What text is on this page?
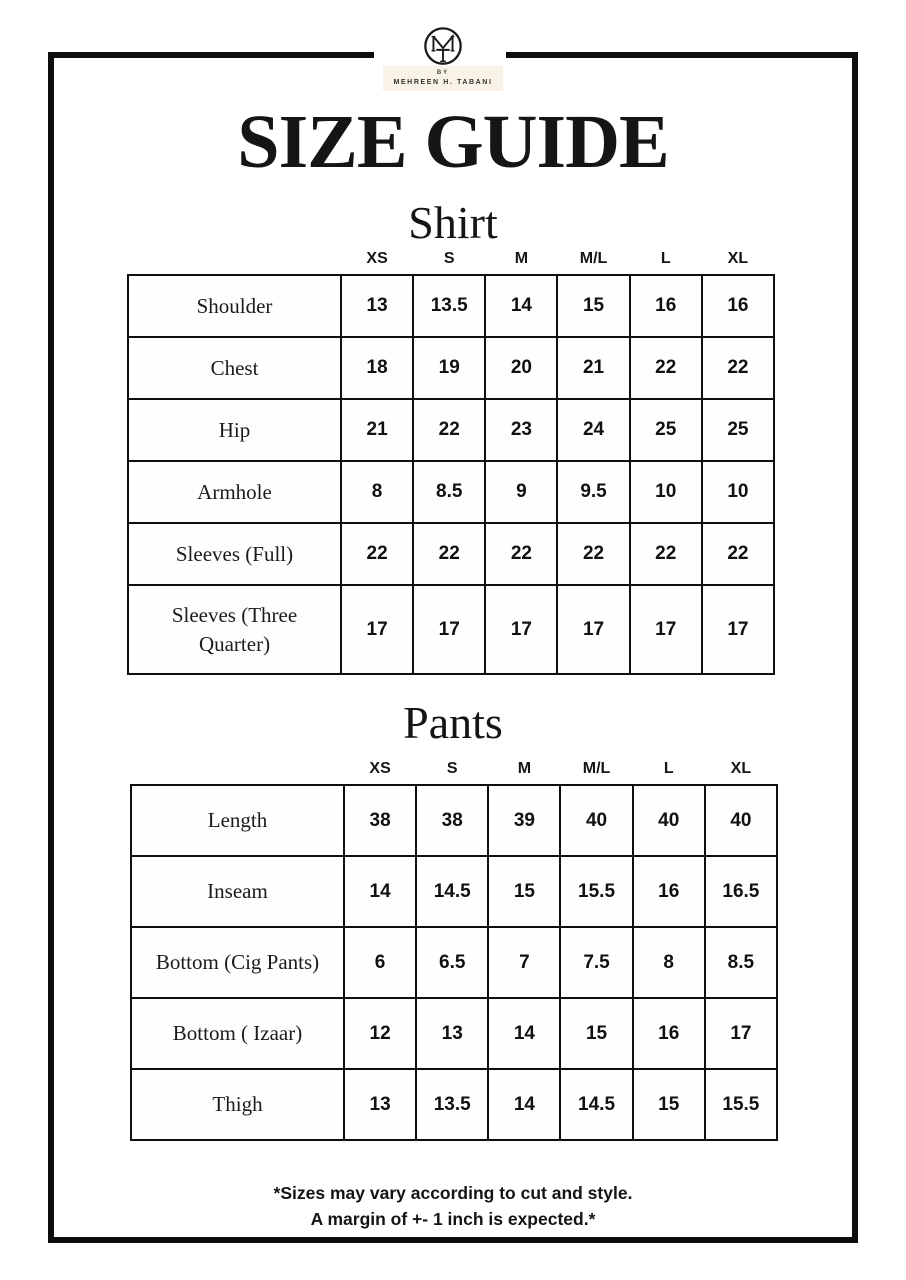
BY
MEHREEN H. TABANI
SIZE GUIDE
Shirt
	XS	S	M	M/L	L	XL
Shoulder	13	13.5	14	15	16	16
Chest	18	19	20	21	22	22
Hip	21	22	23	24	25	25
Armhole	8	8.5	9	9.5	10	10
Sleeves (Full)	22	22	22	22	22	22
Sleeves (Three Quarter)	17	17	17	17	17	17
Pants
	XS	S	M	M/L	L	XL
Length	38	38	39	40	40	40
Inseam	14	14.5	15	15.5	16	16.5
Bottom (Cig Pants)	6	6.5	7	7.5	8	8.5
Bottom ( Izaar)	12	13	14	15	16	17
Thigh	13	13.5	14	14.5	15	15.5
*Sizes may vary according to cut and style.
A margin of +- 1 inch is expected.*
